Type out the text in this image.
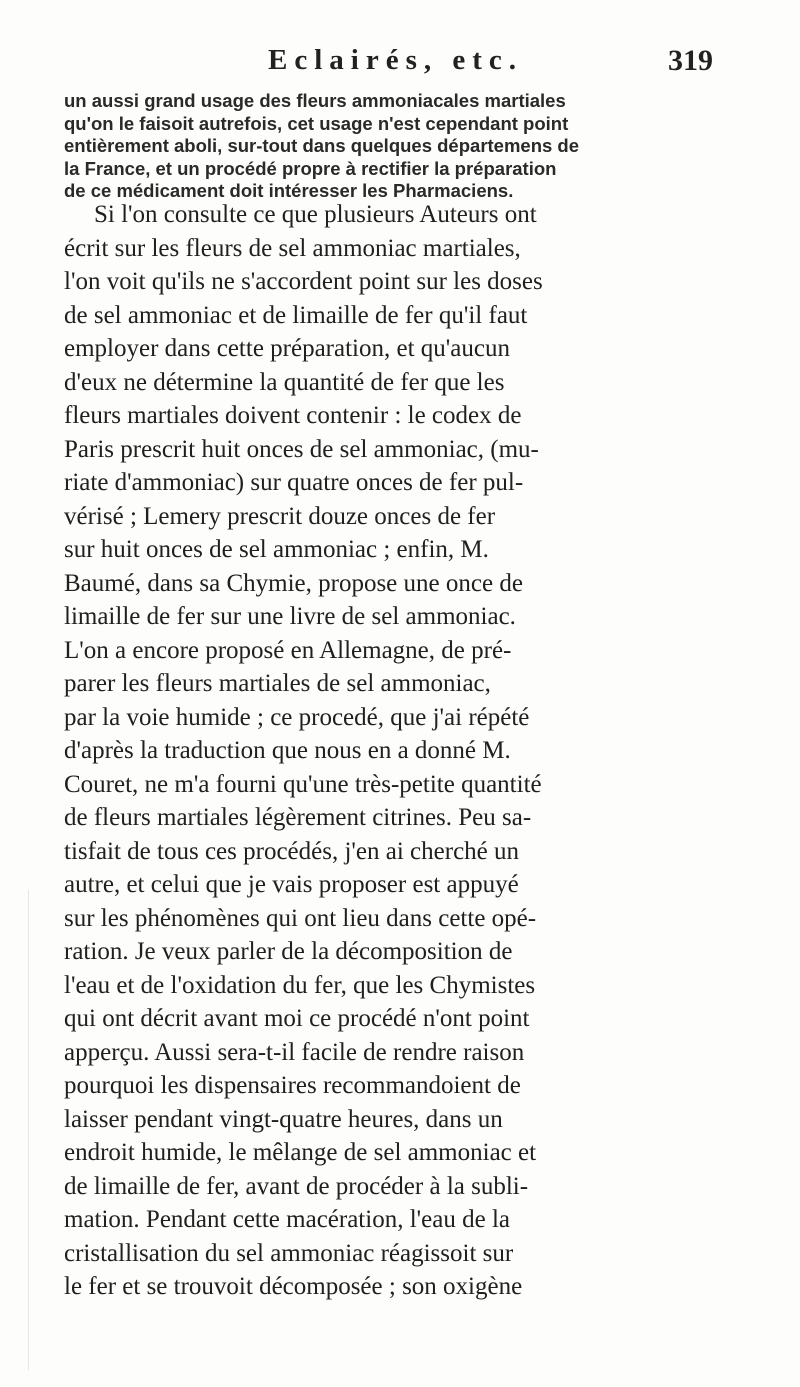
Eclairés, etc.	319
un aussi grand usage des fleurs ammoniacales martiales
qu'on le faisoit autrefois, cet usage n'est cependant point
entièrement aboli, sur-tout dans quelques départemens de
la France, et un procédé propre à rectifier la préparation
de ce médicament doit intéresser les Pharmaciens.
Si l'on consulte ce que plusieurs Auteurs ont
écrit sur les fleurs de sel ammoniac martiales,
l'on voit qu'ils ne s'accordent point sur les doses
de sel ammoniac et de limaille de fer qu'il faut
employer dans cette préparation, et qu'aucun
d'eux ne détermine la quantité de fer que les
fleurs martiales doivent contenir : le codex de
Paris prescrit huit onces de sel ammoniac, (mu-
riate d'ammoniac) sur quatre onces de fer pul-
vérisé ; Lemery prescrit douze onces de fer
sur huit onces de sel ammoniac ; enfin, M.
Baumé, dans sa Chymie, propose une once de
limaille de fer sur une livre de sel ammoniac.
L'on a encore proposé en Allemagne, de pré-
parer les fleurs martiales de sel ammoniac,
par la voie humide ; ce procedé, que j'ai répété
d'après la traduction que nous en a donné M.
Couret, ne m'a fourni qu'une très-petite quantité
de fleurs martiales légèrement citrines. Peu sa-
tisfait de tous ces procédés, j'en ai cherché un
autre, et celui que je vais proposer est appuyé
sur les phénomènes qui ont lieu dans cette opé-
ration. Je veux parler de la décomposition de
l'eau et de l'oxidation du fer, que les Chymistes
qui ont décrit avant moi ce procédé n'ont point
apperçu. Aussi sera-t-il facile de rendre raison
pourquoi les dispensaires recommandoient de
laisser pendant vingt-quatre heures, dans un
endroit humide, le mêlange de sel ammoniac et
de limaille de fer, avant de procéder à la subli-
mation. Pendant cette macération, l'eau de la
cristallisation du sel ammoniac réagissoit sur
le fer et se trouvoit décomposée ; son oxigène
